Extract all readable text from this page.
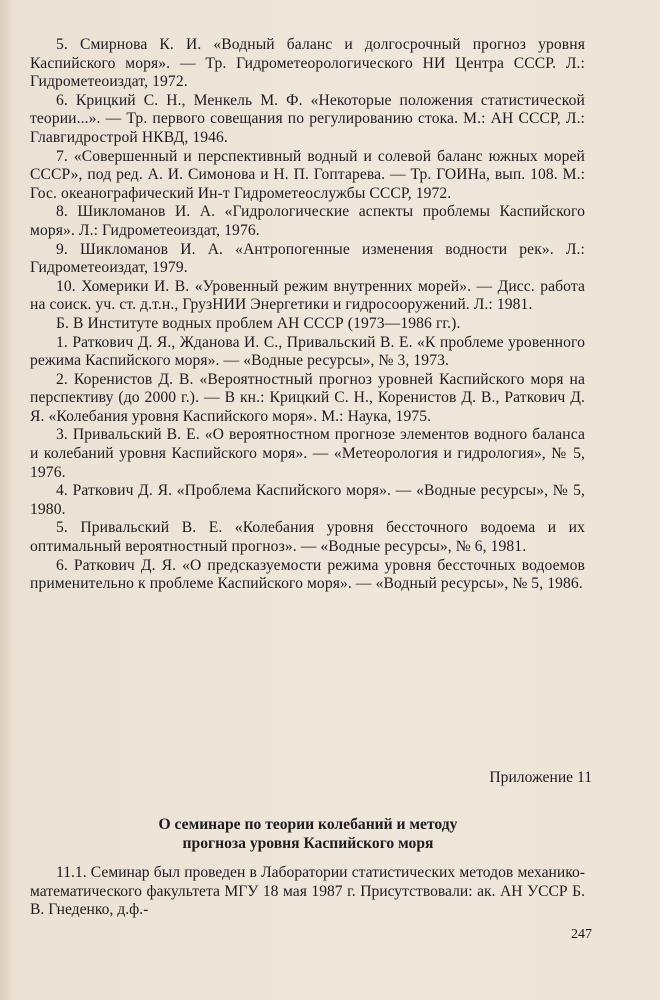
5. Смирнова К. И. «Водный баланс и долгосрочный прогноз уровня Каспийского моря». — Тр. Гидрометеорологического НИ Центра СССР. Л.: Гидрометеоиздат, 1972.

6. Крицкий С. Н., Менкель М. Ф. «Некоторые положения статистической теории...». — Тр. первого совещания по регулированию стока. М.: АН СССР, Л.: Главгидрострой НКВД, 1946.

7. «Совершенный и перспективный водный и солевой баланс южных морей СССР», под ред. А. И. Симонова и Н. П. Гоптарева. — Тр. ГОИНа, вып. 108. М.: Гос. океанографический Ин-т Гидрометеослужбы СССР, 1972.

8. Шикломанов И. А. «Гидрологические аспекты проблемы Каспийского моря». Л.: Гидрометеоиздат, 1976.

9. Шикломанов И. А. «Антропогенные изменения водности рек». Л.: Гидрометеоиздат, 1979.

10. Хомерики И. В. «Уровенный режим внутренних морей». — Дисс. работа на соиск. уч. ст. д.т.н., ГрузНИИ Энергетики и гидросооружений. Л.: 1981.

Б. В Институте водных проблем АН СССР (1973—1986 гг.).

1. Раткович Д. Я., Жданова И. С., Привальский В. Е. «К проблеме уровенного режима Каспийского моря». — «Водные ресурсы», № 3, 1973.

2. Коренистов Д. В. «Вероятностный прогноз уровней Каспийского моря на перспективу (до 2000 г.). — В кн.: Крицкий С. Н., Коренистов Д. В., Раткович Д. Я. «Колебания уровня Каспийского моря». М.: Наука, 1975.

3. Привальский В. Е. «О вероятностном прогнозе элементов водного баланса и колебаний уровня Каспийского моря». — «Метеорология и гидрология», № 5, 1976.

4. Раткович Д. Я. «Проблема Каспийского моря». — «Водные ресурсы», № 5, 1980.

5. Привальский В. Е. «Колебания уровня бессточного водоема и их оптимальный вероятностный прогноз». — «Водные ресурсы», № 6, 1981.

6. Раткович Д. Я. «О предсказуемости режима уровня бессточных водоемов применительно к проблеме Каспийского моря». — «Водный ресурсы», № 5, 1986.

Приложение 11
О семинаре по теории колебаний и методу
прогноза уровня Каспийского моря

11.1. Семинар был проведен в Лаборатории статистических методов механико-математического факультета МГУ 18 мая 1987 г. Присутствовали: ак. АН УССР Б. В. Гнеденко, д.ф.-

247
